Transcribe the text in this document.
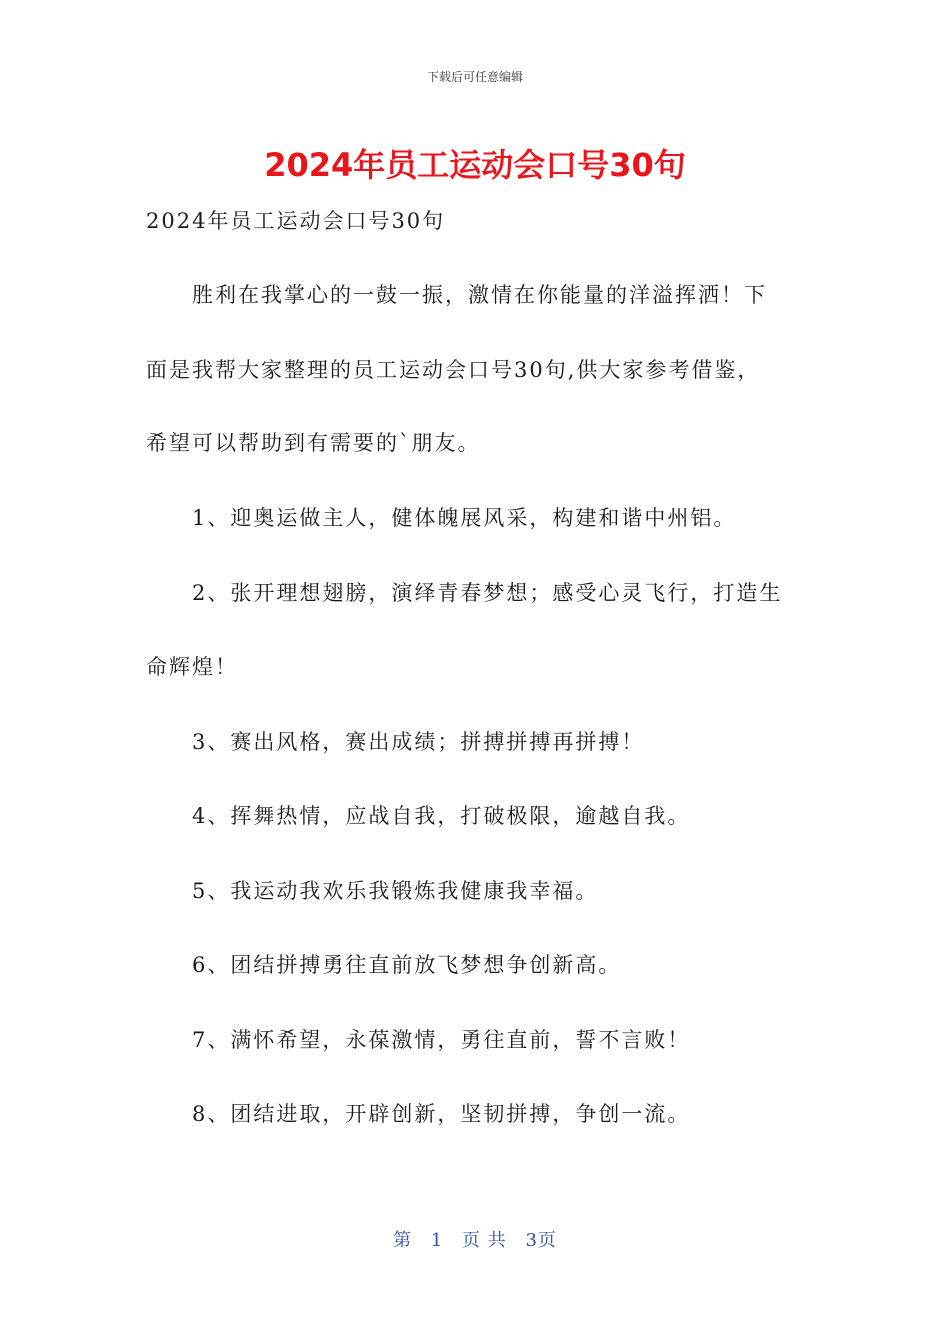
下载后可任意编辑
2024年员工运动会口号30句
2024年员工运动会口号30句
胜利在我掌心的一鼓一振，激情在你能量的洋溢挥洒！下
面是我帮大家整理的员工运动会口号30句,供大家参考借鉴，
希望可以帮助到有需要的`朋友。
1、迎奥运做主人，健体魄展风采，构建和谐中州铝。
2、张开理想翅膀，演绎青春梦想；感受心灵飞行，打造生
命辉煌！
3、赛出风格，赛出成绩；拼搏拼搏再拼搏！
4、挥舞热情，应战自我，打破极限，逾越自我。
5、我运动我欢乐我锻炼我健康我幸福。
6、团结拼搏勇往直前放飞梦想争创新高。
7、满怀希望，永葆激情，勇往直前，誓不言败！
8、团结进取，开辟创新，坚韧拼搏，争创一流。
第 1 页 共 3页
